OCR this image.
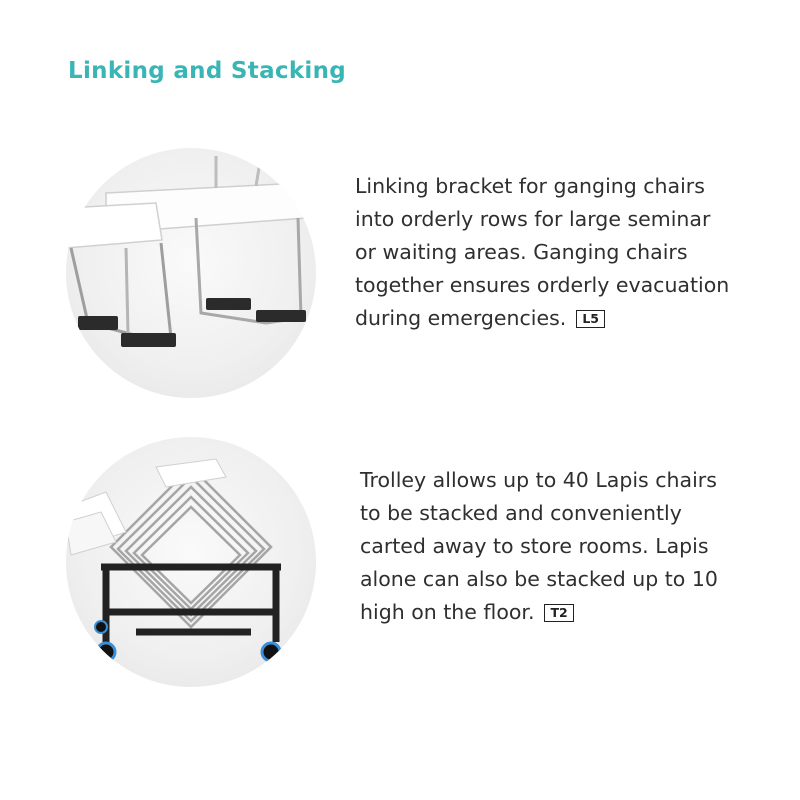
Linking and Stacking
Linking bracket for ganging chairs
into orderly rows for large seminar
or waiting areas. Ganging chairs
together ensures orderly evacuation
during emergencies. L5
Trolley allows up to 40 Lapis chairs
to be stacked and conveniently
carted away to store rooms. Lapis
alone can also be stacked up to 10
high on the floor. T2
